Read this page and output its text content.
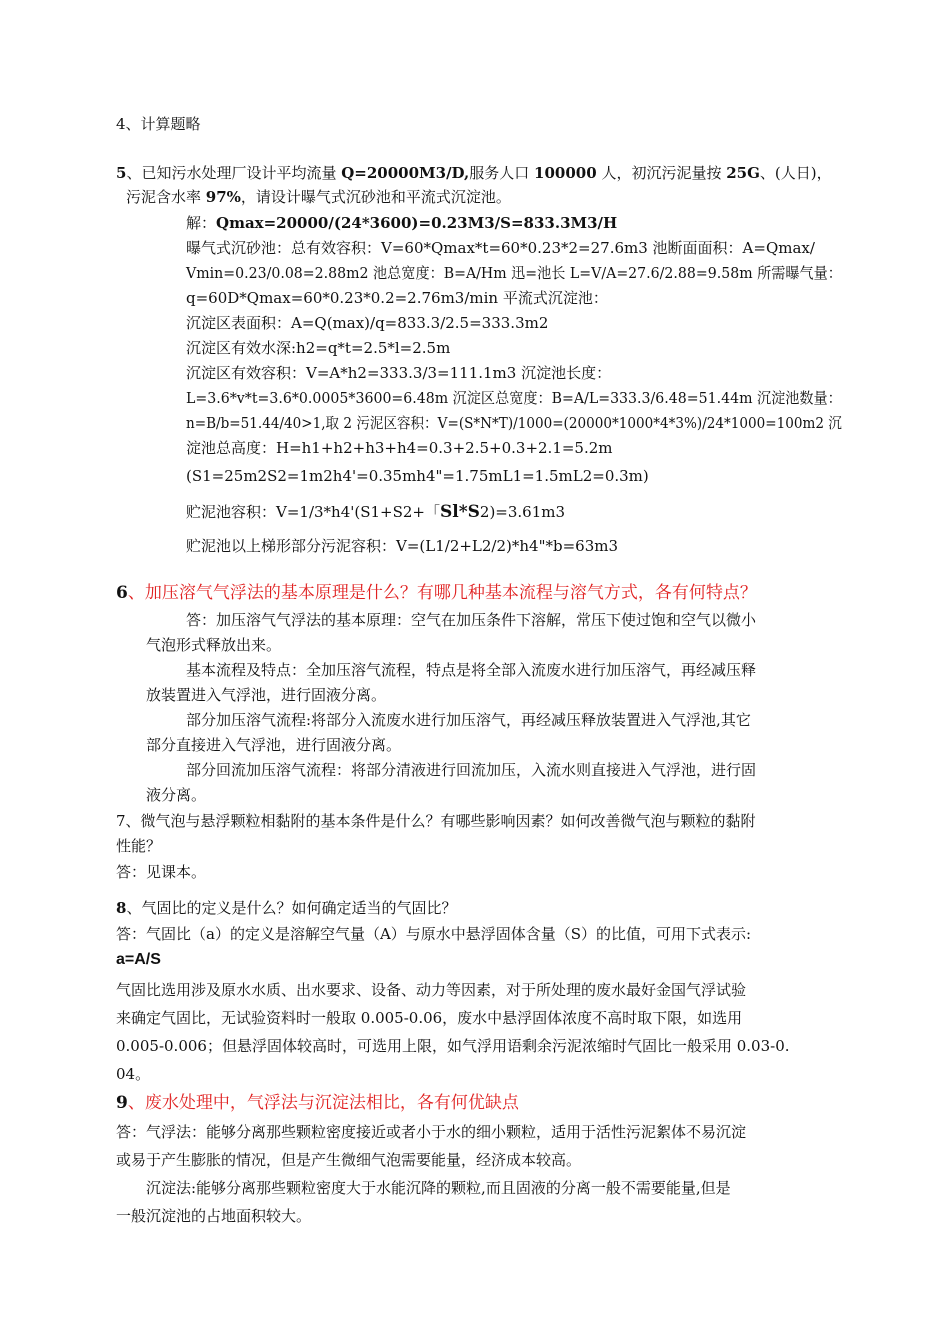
4、计算题略
5、已知污水处理厂设计平均流量 Q=20000M3/D,服务人口 100000 人，初沉污泥量按 25G、(人日)，
污泥含水率 97%，请设计曝气式沉砂池和平流式沉淀池。
解：Qmax=20000/(24*3600)=0.23M3/S=833.3M3/H
曝气式沉砂池：总有效容积：V=60*Qmax*t=60*0.23*2=27.6m3 池断面面积：A=Qmax/
Vmin=0.23/0.08=2.88m2 池总宽度：B=A/Hm 迅=池长 L=V/A=27.6/2.88=9.58m 所需曝气量：
q=60D*Qmax=60*0.23*0.2=2.76m3/min 平流式沉淀池：
沉淀区表面积：A=Q(max)/q=833.3/2.5=333.3m2
沉淀区有效水深:h2=q*t=2.5*l=2.5m
沉淀区有效容积：V=A*h2=333.3/3=111.1m3 沉淀池长度：
L=3.6*v*t=3.6*0.0005*3600=6.48m 沉淀区总宽度：B=A/L=333.3/6.48=51.44m 沉淀池数量：
n=B/b=51.44/40>1,取 2 污泥区容积：V=(S*N*T)/1000=(20000*1000*4*3%)/24*1000=100m2 沉
淀池总高度：H=h1+h2+h3+h4=0.3+2.5+0.3+2.1=5.2m
(S1=25m2S2=1m2h4'=0.35mh4"=1.75mL1=1.5mL2=0.3m)
贮泥池容积：V=1/3*h4'(S1+S2+「Sl*S2)=3.61m3
贮泥池以上梯形部分污泥容积：V=(L1/2+L2/2)*h4"*b=63m3
6、加压溶气气浮法的基本原理是什么？有哪几种基本流程与溶气方式，各有何特点？
答：加压溶气气浮法的基本原理：空气在加压条件下溶解，常压下使过饱和空气以微小
气泡形式释放出来。
基本流程及特点：全加压溶气流程，特点是将全部入流废水进行加压溶气，再经减压释
放装置进入气浮池，进行固液分离。
部分加压溶气流程:将部分入流废水进行加压溶气，再经减压释放装置进入气浮池,其它
部分直接进入气浮池，进行固液分离。
部分回流加压溶气流程：将部分清液进行回流加压，入流水则直接进入气浮池，进行固
液分离。
7、微气泡与悬浮颗粒相黏附的基本条件是什么？有哪些影响因素？如何改善微气泡与颗粒的黏附
性能？
答：见课本。
8、气固比的定义是什么？如何确定适当的气固比？
答：气固比（a）的定义是溶解空气量（A）与原水中悬浮固体含量（S）的比值，可用下式表示:
a=A/S
气固比选用涉及原水水质、出水要求、设备、动力等因素，对于所处理的废水最好金国气浮试验
来确定气固比，无试验资料时一般取 0.005-0.06，废水中悬浮固体浓度不高时取下限，如选用
0.005-0.006；但悬浮固体较高时，可选用上限，如气浮用语剩余污泥浓缩时气固比一般采用 0.03-0.
04。
9、废水处理中，气浮法与沉淀法相比，各有何优缺点
答：气浮法：能够分离那些颗粒密度接近或者小于水的细小颗粒，适用于活性污泥絮体不易沉淀
或易于产生膨胀的情况，但是产生微细气泡需要能量，经济成本较高。
沉淀法:能够分离那些颗粒密度大于水能沉降的颗粒,而且固液的分离一般不需要能量,但是
一般沉淀池的占地面积较大。
